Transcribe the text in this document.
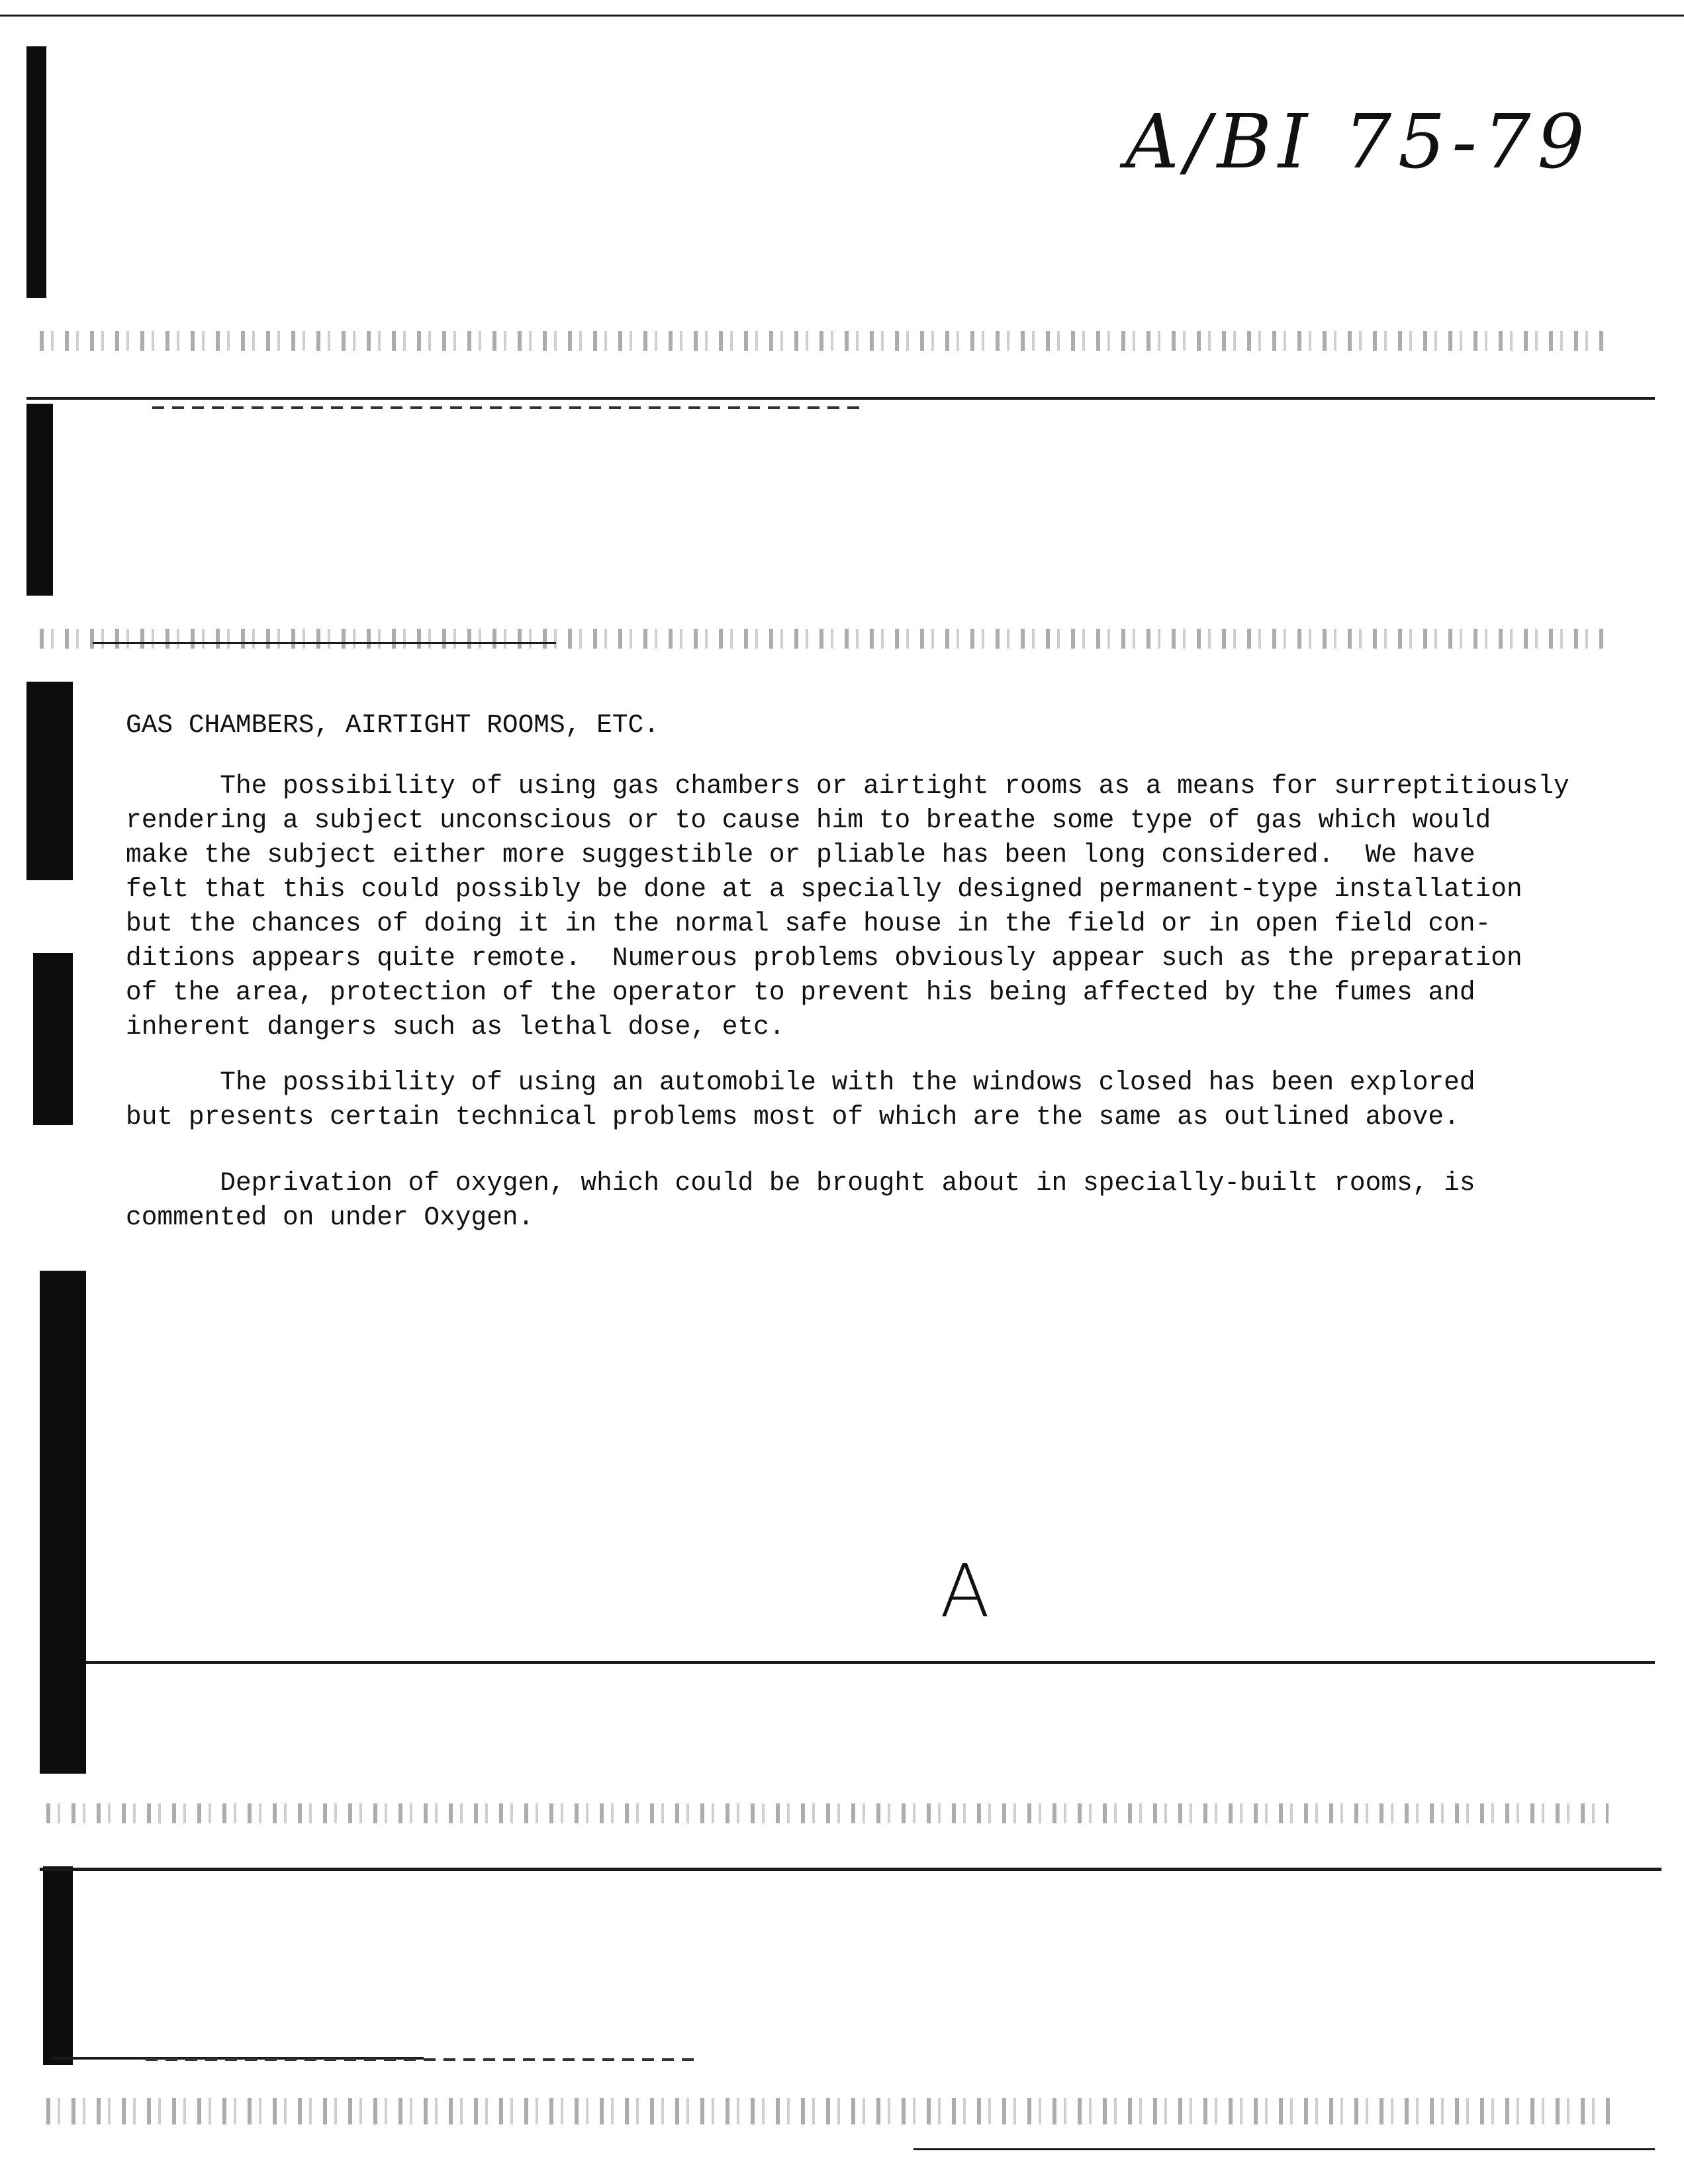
A/BI 75-79
GAS CHAMBERS, AIRTIGHT ROOMS, ETC.
The possibility of using gas chambers or airtight rooms as a means for surreptitiously
rendering a subject unconscious or to cause him to breathe some type of gas which would
make the subject either more suggestible or pliable has been long considered.  We have
felt that this could possibly be done at a specially designed permanent-type installation
but the chances of doing it in the normal safe house in the field or in open field con-
ditions appears quite remote.  Numerous problems obviously appear such as the preparation
of the area, protection of the operator to prevent his being affected by the fumes and
inherent dangers such as lethal dose, etc.
The possibility of using an automobile with the windows closed has been explored
but presents certain technical problems most of which are the same as outlined above.
Deprivation of oxygen, which could be brought about in specially-built rooms, is
commented on under Oxygen.
A
